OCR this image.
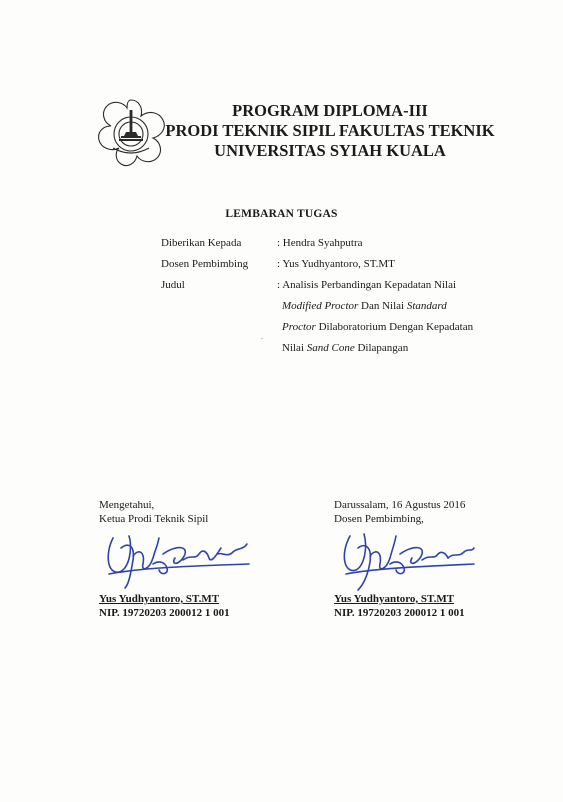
PROGRAM DIPLOMA-III
PRODI TEKNIK SIPIL FAKULTAS TEKNIK
UNIVERSITAS SYIAH KUALA
LEMBARAN TUGAS
Diberikan Kepada	: Hendra Syahputra
Dosen Pembimbing	: Yus Yudhyantoro, ST.MT
Judul	: Analisis Perbandingan Kepadatan Nilai
Modified Proctor Dan Nilai Standard
.
Proctor Dilaboratorium Dengan Kepadatan
Nilai Sand Cone Dilapangan
Mengetahui,
Ketua Prodi Teknik Sipil
Yus Yudhyantoro, ST.MT
NIP. 19720203 200012 1 001
Darussalam, 16 Agustus 2016
Dosen Pembimbing,
Yus Yudhyantoro, ST.MT
NIP. 19720203 200012 1 001
